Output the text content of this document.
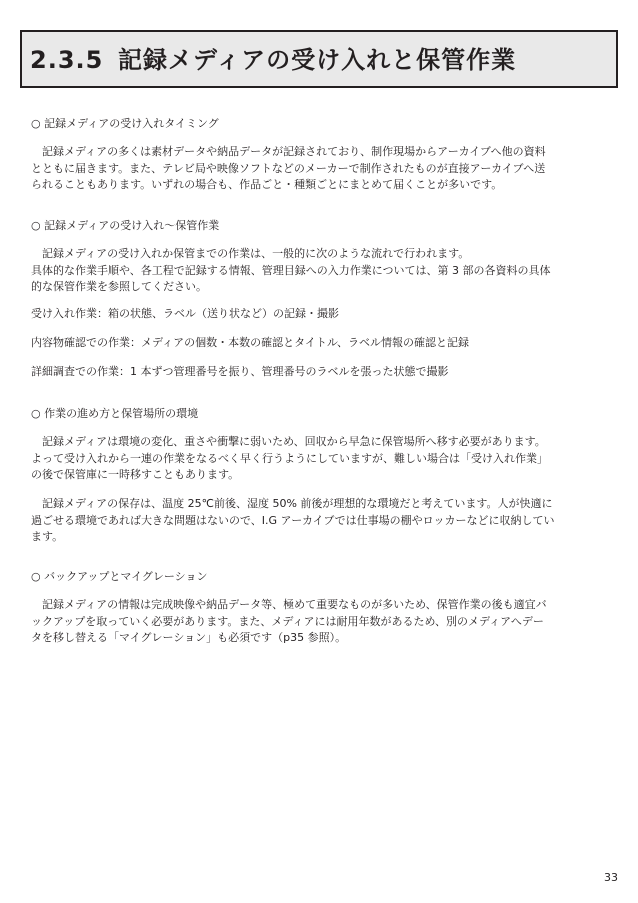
2.3.5 記録メディアの受け入れと保管作業
○ 記録メディアの受け入れタイミング
記録メディアの多くは素材データや納品データが記録されており、制作現場からアーカイブへ他の資料
とともに届きます。また、テレビ局や映像ソフトなどのメーカーで制作されたものが直接アーカイブへ送
られることもあります。いずれの場合も、作品ごと・種類ごとにまとめて届くことが多いです。
○ 記録メディアの受け入れ〜保管作業
記録メディアの受け入れか保管までの作業は、一般的に次のような流れで行われます。
具体的な作業手順や、各工程で記録する情報、管理目録への入力作業については、第 3 部の各資料の具体
的な保管作業を参照してください。
受け入れ作業：箱の状態、ラベル（送り状など）の記録・撮影
内容物確認での作業：メディアの個数・本数の確認とタイトル、ラベル情報の確認と記録
詳細調査での作業：1 本ずつ管理番号を振り、管理番号のラベルを張った状態で撮影
○ 作業の進め方と保管場所の環境
記録メディアは環境の変化、重さや衝撃に弱いため、回収から早急に保管場所へ移す必要があります。
よって受け入れから一連の作業をなるべく早く行うようにしていますが、難しい場合は「受け入れ作業」
の後で保管庫に一時移すこともあります。
記録メディアの保存は、温度 25℃前後、湿度 50% 前後が理想的な環境だと考えています。人が快適に
過ごせる環境であれば大きな問題はないので、I.G アーカイブでは仕事場の棚やロッカーなどに収納してい
ます。
○ バックアップとマイグレーション
記録メディアの情報は完成映像や納品データ等、極めて重要なものが多いため、保管作業の後も適宜バ
ックアップを取っていく必要があります。また、メディアには耐用年数があるため、別のメディアへデー
タを移し替える「マイグレーション」も必須です（p35 参照）。
33
